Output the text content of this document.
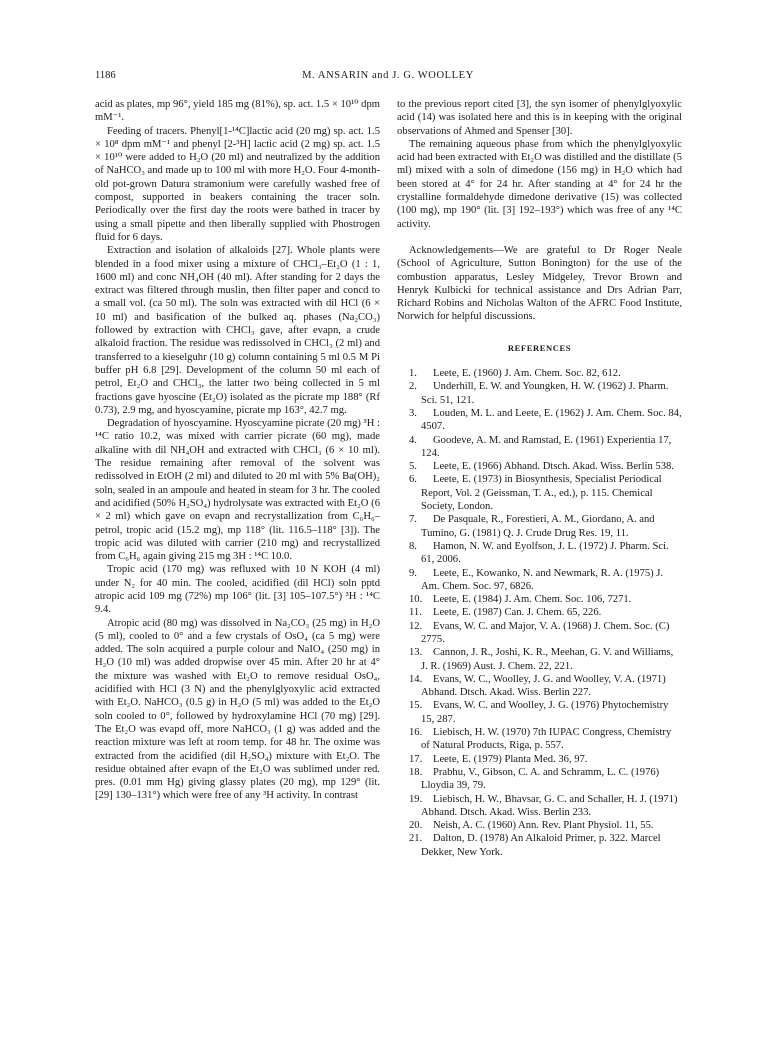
1186	M. ANSARIN and J. G. WOOLLEY

acid as plates, mp 96°, yield 185 mg (81%), sp. act. 1.5 × 10¹⁰ dpm mM⁻¹.

Feeding of tracers. Phenyl[1-¹⁴C]lactic acid (20 mg) sp. act. 1.5 × 10⁸ dpm mM⁻¹ and phenyl [2-³H] lactic acid (2 mg) sp. act. 1.5 × 10¹⁰ were added to H₂O (20 ml) and neutralized by the addition of NaHCO₃ and made up to 100 ml with more H₂O. Four 4-month-old pot-grown Datura stramonium were carefully washed free of compost, supported in beakers containing the tracer soln. Periodically over the first day the roots were bathed in tracer by using a small pipette and then liberally supplied with Phostrogen fluid for 6 days.

Extraction and isolation of alkaloids [27]. Whole plants were blended in a food mixer using a mixture of CHCl₃–Et₂O (1 : 1, 1600 ml) and conc NH₄OH (40 ml). After standing for 2 days the extract was filtered through muslin, then filter paper and concd to a small vol. (ca 50 ml). The soln was extracted with dil HCl (6 × 10 ml) and basification of the bulked aq. phases (Na₂CO₃) followed by extraction with CHCl₃ gave, after evapn, a crude alkaloid fraction. The residue was redissolved in CHCl₃ (2 ml) and transferred to a kieselguhr (10 g) column containing 5 ml 0.5 M Pi buffer pH 6.8 [29]. Development of the column 50 ml each of petrol, Et₂O and CHCl₃, the latter two being collected in 5 ml fractions gave hyoscine (Et₂O) isolated as the picrate mp 188° (Rf 0.73), 2.9 mg, and hyoscyamine, picrate mp 163°, 42.7 mg.

Degradation of hyoscyamine. Hyoscyamine picrate (20 mg) ³H : ¹⁴C ratio 10.2, was mixed with carrier picrate (60 mg), made alkaline with dil NH₄OH and extracted with CHCl₃ (6 × 10 ml). The residue remaining after removal of the solvent was redissolved in EtOH (2 ml) and diluted to 20 ml with 5% Ba(OH)₂ soln, sealed in an ampoule and heated in steam for 3 hr. The cooled and acidified (50% H₂SO₄) hydrolysate was extracted with Et₂O (6 × 2 ml) which gave on evapn and recrystallization from C₆H₆–petrol, tropic acid (15.2 mg), mp 118° (lit. 116.5–118° [3]). The tropic acid was diluted with carrier (210 mg) and recrystallized from C₆H₆ again giving 215 mg 3H : ¹⁴C 10.0.

Tropic acid (170 mg) was refluxed with 10 N KOH (4 ml) under N₂ for 40 min. The cooled, acidified (dil HCl) soln pptd atropic acid 109 mg (72%) mp 106° (lit. [3] 105–107.5°) ³H : ¹⁴C 9.4.

Atropic acid (80 mg) was dissolved in Na₂CO₃ (25 mg) in H₂O (5 ml), cooled to 0° and a few crystals of OsO₄ (ca 5 mg) were added. The soln acquired a purple colour and NaIO₄ (250 mg) in H₂O (10 ml) was added dropwise over 45 min. After 20 hr at 4° the mixture was washed with Et₂O to remove residual OsO₄, acidified with HCl (3 N) and the phenylglyoxylic acid extracted with Et₂O. NaHCO₃ (0.5 g) in H₂O (5 ml) was added to the Et₂O soln cooled to 0°, followed by hydroxylamine HCl (70 mg) [29]. The Et₂O was evapd off, more NaHCO₃ (1 g) was added and the reaction mixture was left at room temp. for 48 hr. The oxime was extracted from the acidified (dil H₂SO₄) mixture with Et₂O. The residue obtained after evapn of the Et₂O was sublimed under red. pres. (0.01 mm Hg) giving glassy plates (20 mg), mp 129° (lit. [29] 130–131°) which were free of any ³H activity. In contrast

to the previous report cited [3], the syn isomer of phenylglyoxylic acid (14) was isolated here and this is in keeping with the original observations of Ahmed and Spenser [30].

The remaining aqueous phase from which the phenylglyoxylic acid had been extracted with Et₂O was distilled and the distillate (5 ml) mixed with a soln of dimedone (156 mg) in H₂O which had been stored at 4° for 24 hr. After standing at 4° for 24 hr the crystalline formaldehyde dimedone derivative (15) was collected (100 mg), mp 190° (lit. [3] 192–193°) which was free of any ¹⁴C activity.

Acknowledgements—We are grateful to Dr Roger Neale (School of Agriculture, Sutton Bonington) for the use of the combustion apparatus, Lesley Midgeley, Trevor Brown and Henryk Kulbicki for technical assistance and Drs Adrian Parr, Richard Robins and Nicholas Walton of the AFRC Food Institute, Norwich for helpful discussions.

REFERENCES

1. Leete, E. (1960) J. Am. Chem. Soc. 82, 612.

2. Underhill, E. W. and Youngken, H. W. (1962) J. Pharm. Sci. 51, 121.

3. Louden, M. L. and Leete, E. (1962) J. Am. Chem. Soc. 84, 4507.

4. Goodeve, A. M. and Ramstad, E. (1961) Experientia 17, 124.

5. Leete, E. (1966) Abhand. Dtsch. Akad. Wiss. Berlin 538.

6. Leete, E. (1973) in Biosynthesis, Specialist Periodical Report, Vol. 2 (Geissman, T. A., ed.), p. 115. Chemical Society, London.

7. De Pasquale, R., Forestieri, A. M., Giordano, A. and Tumino, G. (1981) Q. J. Crude Drug Res. 19, 11.

8. Hamon, N. W. and Eyolfson, J. L. (1972) J. Pharm. Sci. 61, 2006.

9. Leete, E., Kowanko, N. and Newmark, R. A. (1975) J. Am. Chem. Soc. 97, 6826.

10. Leete, E. (1984) J. Am. Chem. Soc. 106, 7271.

11. Leete, E. (1987) Can. J. Chem. 65, 226.

12. Evans, W. C. and Major, V. A. (1968) J. Chem. Soc. (C) 2775.

13. Cannon, J. R., Joshi, K. R., Meehan, G. V. and Williams, J. R. (1969) Aust. J. Chem. 22, 221.

14. Evans, W. C., Woolley, J. G. and Woolley, V. A. (1971) Abhand. Dtsch. Akad. Wiss. Berlin 227.

15. Evans, W. C. and Woolley, J. G. (1976) Phytochemistry 15, 287.

16. Liebisch, H. W. (1970) 7th IUPAC Congress, Chemistry of Natural Products, Riga, p. 557.

17. Leete, E. (1979) Planta Med. 36, 97.

18. Prabhu, V., Gibson, C. A. and Schramm, L. C. (1976) Lloydia 39, 79.

19. Liebisch, H. W., Bhavsar, G. C. and Schaller, H. J. (1971) Abhand. Dtsch. Akad. Wiss. Berlin 233.

20. Neish, A. C. (1960) Ann. Rev. Plant Physiol. 11, 55.

21. Dalton, D. (1978) An Alkaloid Primer, p. 322. Marcel Dekker, New York.
